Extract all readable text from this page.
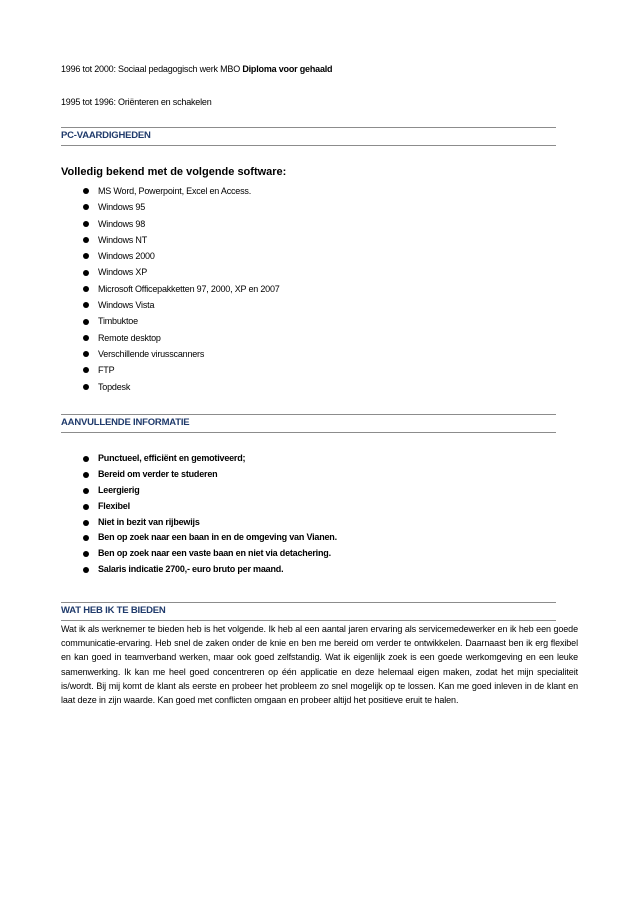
1996 tot 2000: Sociaal pedagogisch werk MBO Diploma voor gehaald
1995 tot 1996: Oriënteren en schakelen
PC-VAARDIGHEDEN
Volledig bekend met de volgende software:
MS Word, Powerpoint, Excel en Access.
Windows 95
Windows 98
Windows NT
Windows 2000
Windows XP
Microsoft Officepakketten 97, 2000, XP en 2007
Windows Vista
Timbuktoe
Remote desktop
Verschillende virusscanners
FTP
Topdesk
AANVULLENDE INFORMATIE
Punctueel, efficiënt en gemotiveerd;
Bereid om verder te studeren
Leergierig
Flexibel
Niet in bezit van rijbewijs
Ben op zoek naar een baan in en de omgeving van Vianen.
Ben op zoek naar een vaste baan en niet via detachering.
Salaris indicatie 2700,- euro bruto per maand.
WAT HEB IK TE BIEDEN
Wat ik als werknemer te bieden heb is het volgende. Ik heb al een aantal jaren ervaring als servicemedewerker en ik heb een goede communicatie-ervaring. Heb snel de zaken onder de knie en ben me bereid om verder te ontwikkelen. Daarnaast ben ik erg flexibel en kan goed in teamverband werken, maar ook goed zelfstandig. Wat ik eigenlijk zoek is een goede werkomgeving en een leuke samenwerking. Ik kan me heel goed concentreren op één applicatie en deze helemaal eigen maken, zodat het mijn specialiteit is/wordt. Bij mij komt de klant als eerste en probeer het probleem zo snel mogelijk op te lossen. Kan me goed inleven in de klant en laat deze in zijn waarde. Kan goed met conflicten omgaan en probeer altijd het positieve eruit te halen.
